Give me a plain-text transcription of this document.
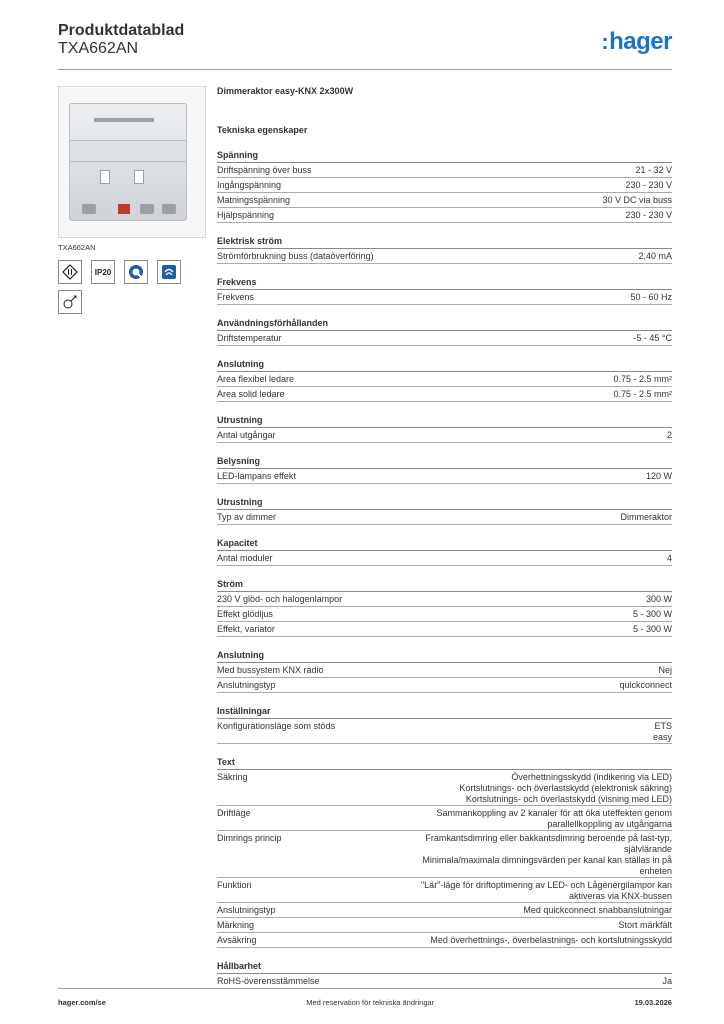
Produktdatablad
TXA662AN	:hager
TXA662AN
IP20
Dimmeraktor easy-KNX 2x300W
Tekniska egenskaper
Spänning
Driftspänning över buss	21 - 32 V
Ingångspänning	230 - 230 V
Matningsspänning	30 V DC via buss
Hjälpspänning	230 - 230 V
Elektrisk ström
Strömförbrukning buss (dataöverföring)	2,40 mA
Frekvens
Frekvens	50 - 60 Hz
Användningsförhållanden
Driftstemperatur	-5 - 45 °C
Anslutning
Area flexibel ledare	0.75 - 2.5 mm²
Area solid ledare	0.75 - 2.5 mm²
Utrustning
Antal utgångar	2
Belysning
LED-lampans effekt	120 W
Utrustning
Typ av dimmer	Dimmeraktor
Kapacitet
Antal moduler	4
Ström
230 V glöd- och halogenlampor	300 W
Effekt glödljus	5 - 300 W
Effekt, variator	5 - 300 W
Anslutning
Med bussystem KNX radio	Nej
Anslutningstyp	quickconnect
Inställningar
Konfigurationsläge som stöds	ETS
easy
Text
Säkring	Överhettningsskydd (indikering via LED)
Kortslutnings- och överlastskydd (elektronisk säkring)
Kortslutnings- och överlastskydd (visning med LED)
Driftläge	Sammankoppling av 2 kanaler för att öka uteffekten genom
parallellkoppling av utgångarna
Dimrings princip	Framkantsdimring eller bakkantsdimring beroende på last-typ,
självlärande
Minimala/maximala dimningsvärden per kanal kan ställas in på
enheten
Funktion	"Lär"-läge för driftoptimering av LED- och Lågenergilampor kan
aktiveras via KNX-bussen
Anslutningstyp	Med quickconnect snabbanslutningar
Märkning	Stort märkfält
Avsäkring	Med överhettnings-, överbelastnings- och kortslutningsskydd
Hållbarhet
RoHS-överensstämmelse	Ja
hager.com/se	Med reservation för tekniska ändringar	19.03.2026
